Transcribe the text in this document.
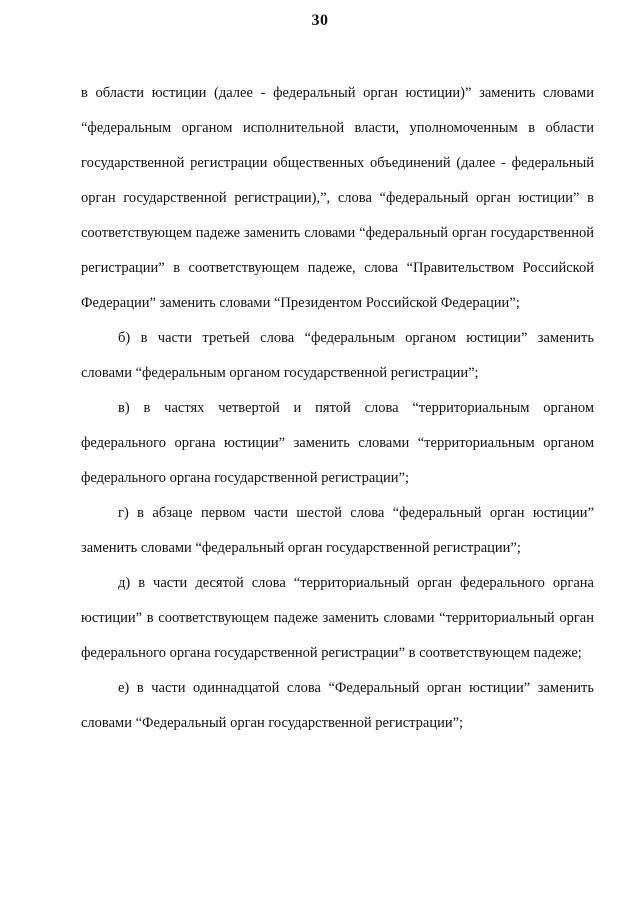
30

в области юстиции (далее - федеральный орган юстиции)” заменить словами “федеральным органом исполнительной власти, уполномоченным в области государственной регистрации общественных объединений (далее - федеральный орган государственной регистрации),”, слова “федеральный орган юстиции” в соответствующем падеже заменить словами “федеральный орган государственной регистрации” в соответствующем падеже, слова “Правительством Российской Федерации” заменить словами “Президентом Российской Федерации”;

б) в части третьей слова “федеральным органом юстиции” заменить словами “федеральным органом государственной регистрации”;

в) в частях четвертой и пятой слова “территориальным органом федерального органа юстиции” заменить словами “территориальным органом федерального органа государственной регистрации”;

г) в абзаце первом части шестой слова “федеральный орган юстиции” заменить словами “федеральный орган государственной регистрации”;

д) в части десятой слова “территориальный орган федерального органа юстиции” в соответствующем падеже заменить словами “территориальный орган федерального органа государственной регистрации” в соответствующем падеже;

е) в части одиннадцатой слова “Федеральный орган юстиции” заменить словами “Федеральный орган государственной регистрации”;
